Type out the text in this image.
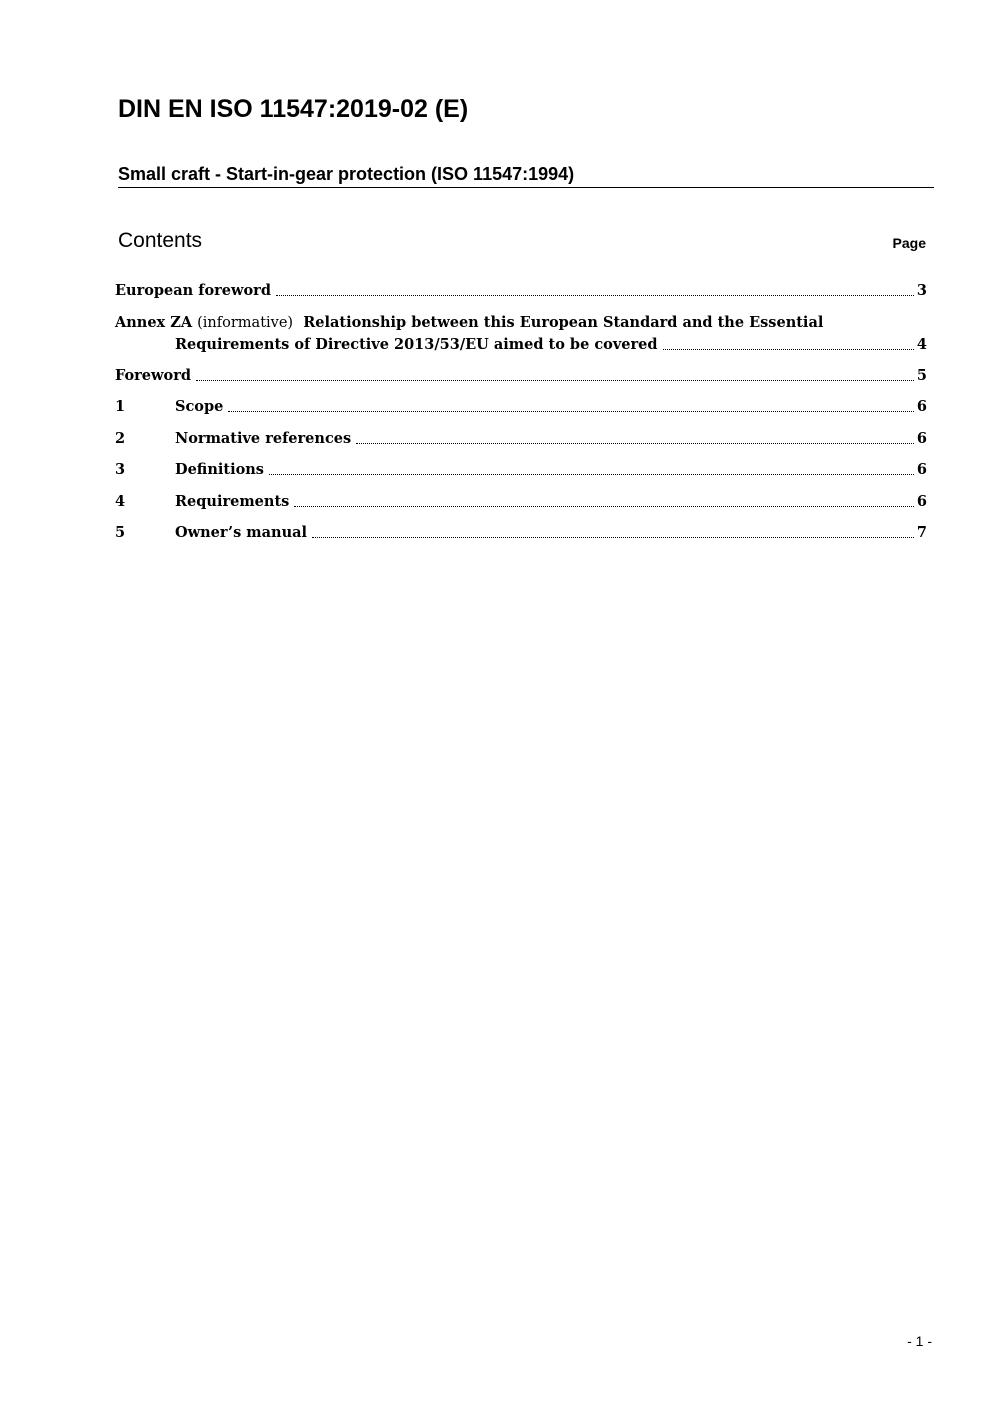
DIN EN ISO 11547:2019-02 (E)
Small craft - Start-in-gear protection (ISO 11547:1994)
Contents	Page
European foreword	3
Annex ZA (informative)  Relationship between this European Standard and the Essential
Requirements of Directive 2013/53/EU aimed to be covered	4
Foreword	5
1	Scope	6
2	Normative references	6
3	Definitions	6
4	Requirements	6
5	Owner’s manual	7
- 1 -
